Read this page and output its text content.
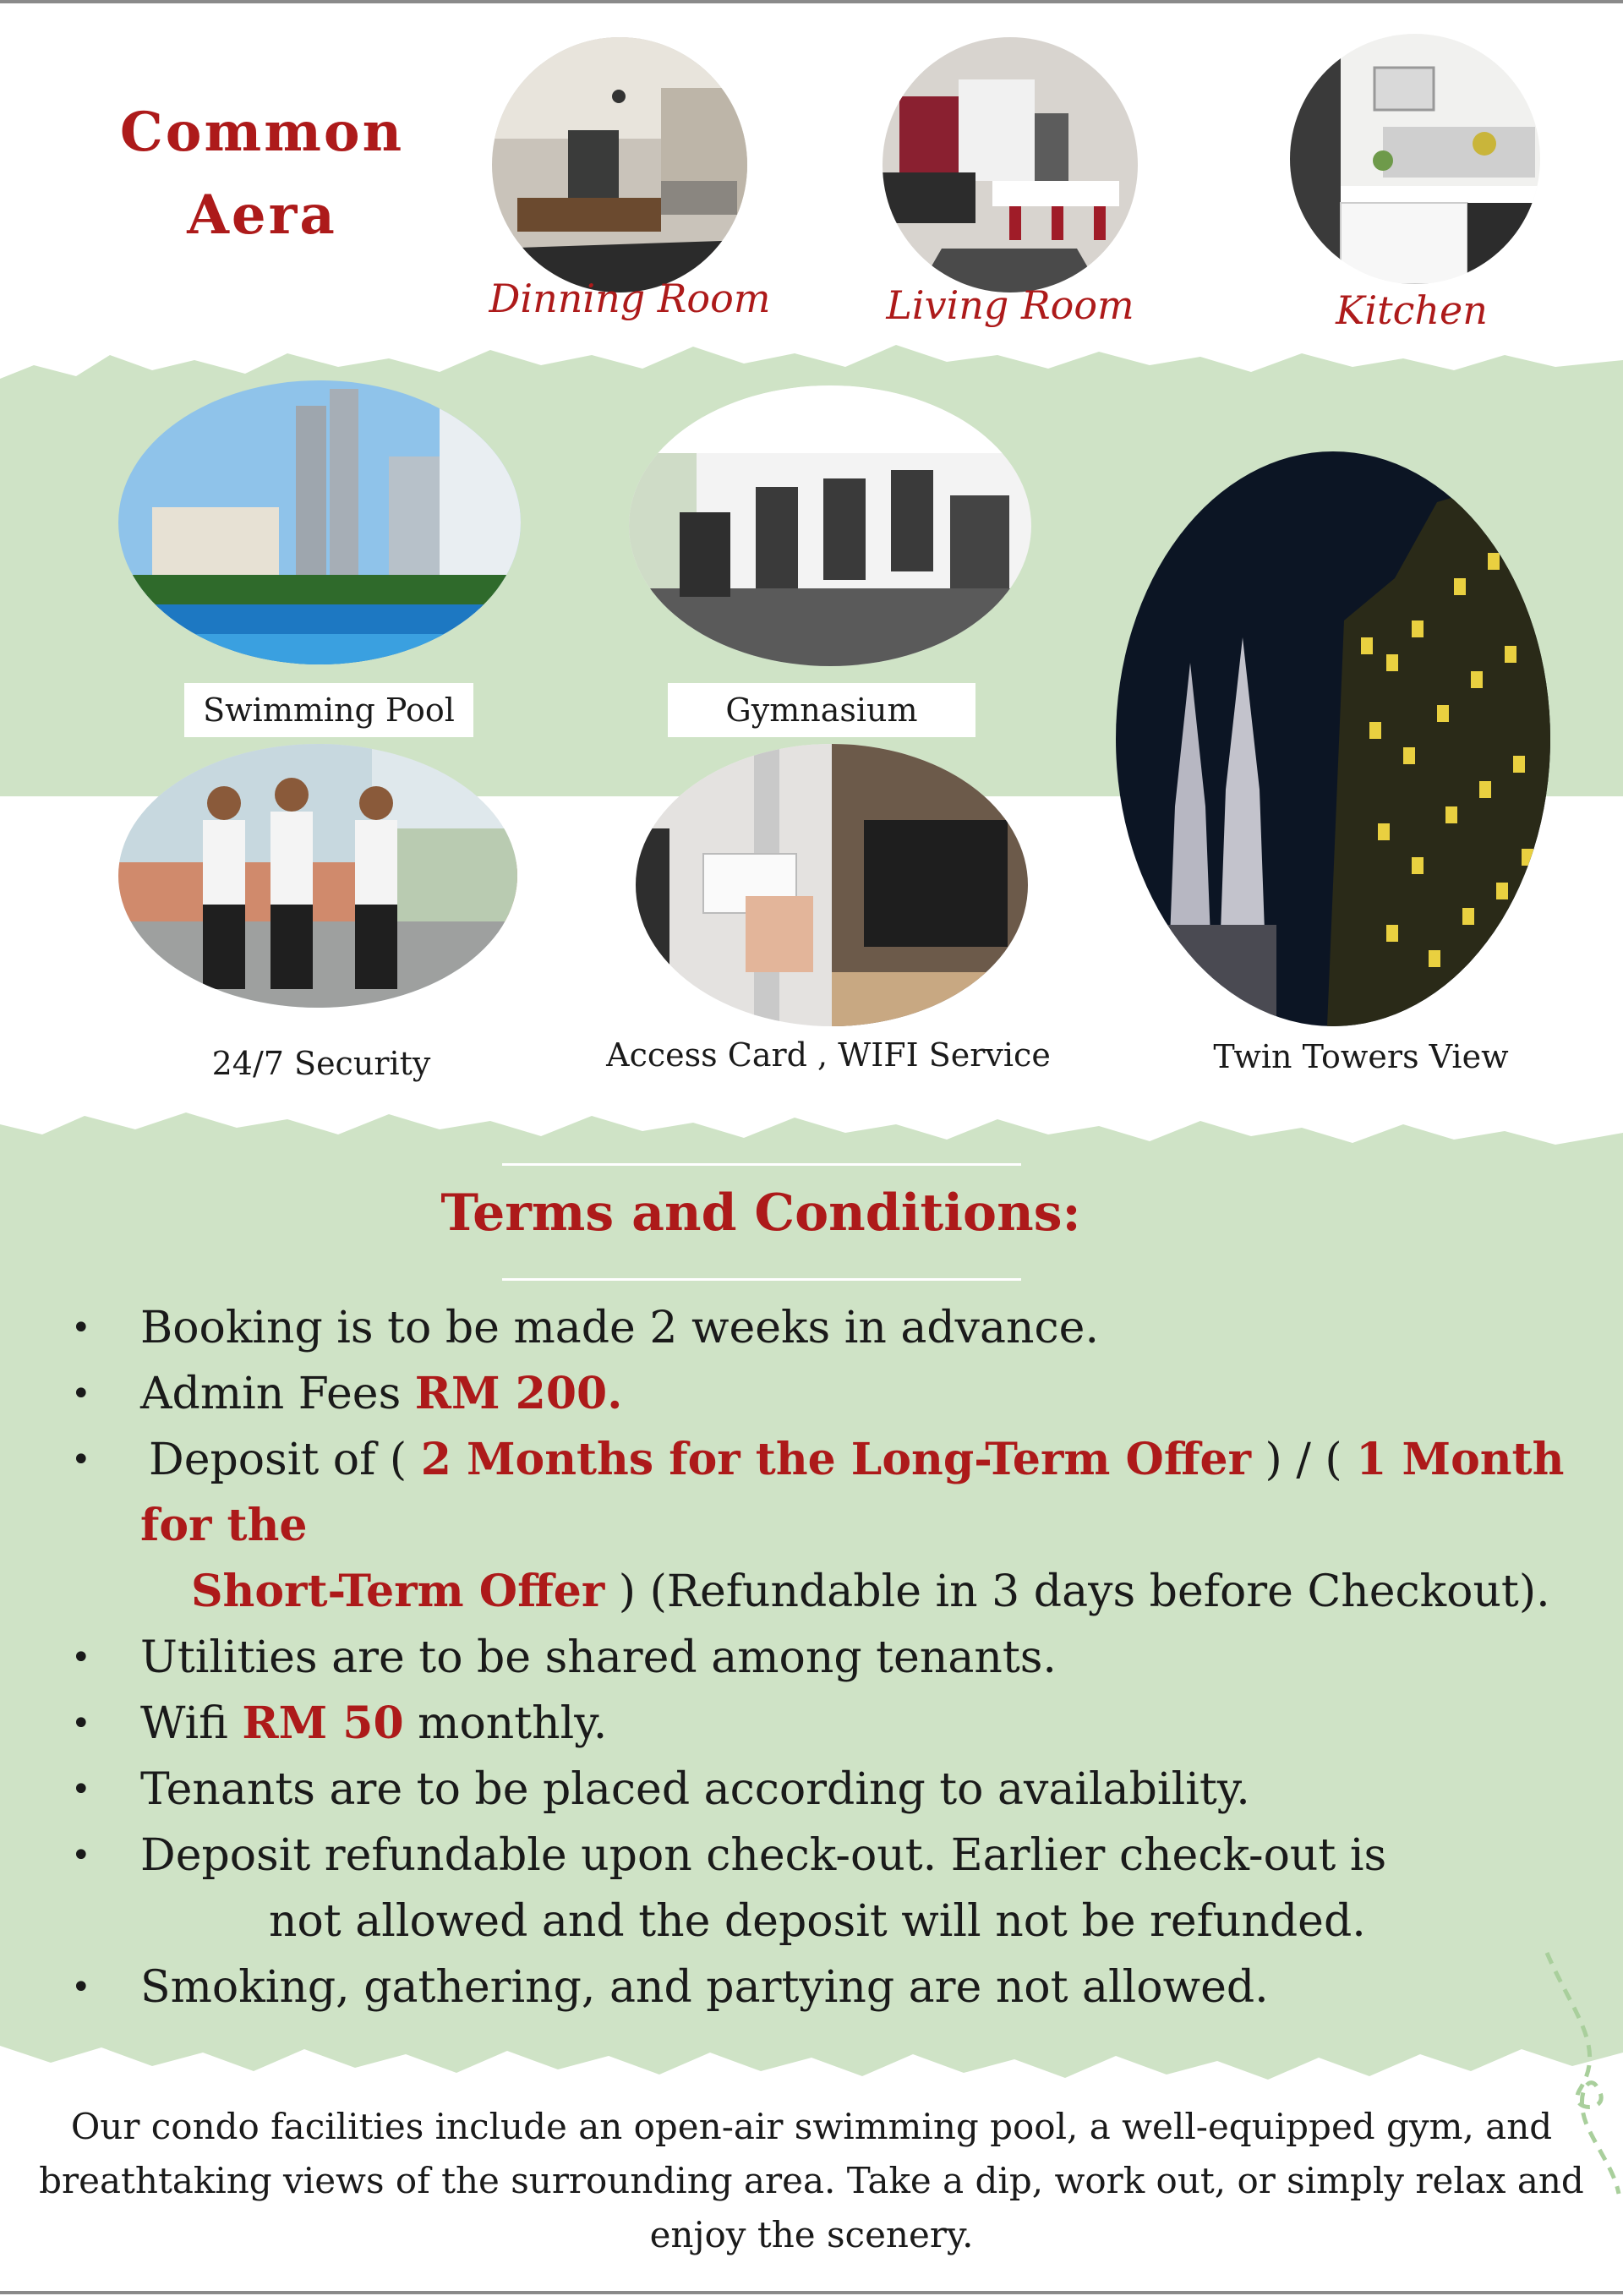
Common
Aera
Dinning Room	Living Room	Kitchen
Swimming Pool	Gymnasium
24/7 Security	Access Card , WIFI Service	Twin Towers View
Terms and Conditions:
• Booking is to be made 2 weeks in advance.
• Admin Fees RM 200.
• Deposit of ( 2 Months for the Long-Term Offer ) / ( 1 Month for the
Short-Term Offer ) (Refundable in 3 days before Checkout).
• Utilities are to be shared among tenants.
• Wifi RM 50 monthly.
• Tenants are to be placed according to availability.
• Deposit refundable upon check-out. Earlier check-out is
not allowed and the deposit will not be refunded.
• Smoking, gathering, and partying are not allowed.
Our condo facilities include an open-air swimming pool, a well-equipped gym, and
breathtaking views of the surrounding area. Take a dip, work out, or simply relax and
enjoy the scenery.
